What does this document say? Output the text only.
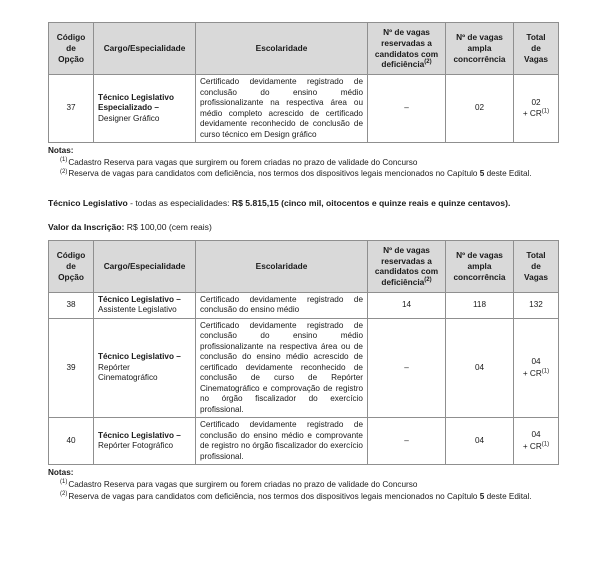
Código
de
Opção	Cargo/Especialidade	Escolaridade	Nº de vagas
reservadas a
candidatos com
deficiência$^{(2)}$	Nº de vagas
ampla
concorrência	Total
de
Vagas
37	Técnico Legislativo Especializado – Designer Gráfico	Certificado devidamente registrado de conclusão do ensino médio profissionalizante na respectiva área ou médio completo acrescido de certificado devidamente reconhecido de conclusão de curso técnico em Design gráfico	–	02	02
+ $CR^{(1)}$
Notas:
$^{(1)}$Cadastro Reserva para vagas que surgirem ou forem criadas no prazo de validade do Concurso
$^{(2)}$Reserva de vagas para candidatos com deficiência, nos termos dos dispositivos legais mencionados no Capítulo 5 deste Edital.

Técnico Legislativo - todas as especialidades: R$ 5.815,15 (cinco mil, oitocentos e quinze reais e quinze centavos).

Valor da Inscrição: R$ 100,00 (cem reais)

Código
de
Opção	Cargo/Especialidade	Escolaridade	Nº de vagas
reservadas a
candidatos com
deficiência$^{(2)}$	Nº de vagas
ampla
concorrência	Total
de
Vagas
38	Técnico Legislativo – Assistente Legislativo	Certificado devidamente registrado de conclusão do ensino médio	14	118	132
39	Técnico Legislativo – Repórter Cinematográfico	Certificado devidamente registrado de conclusão do ensino médio profissionalizante na respectiva área ou de conclusão do ensino médio acrescido de certificado devidamente reconhecido de conclusão de curso de Repórter Cinematográfico e comprovação de registro no órgão fiscalizador do exercício profissional.	–	04	04
+ $CR^{(1)}$

40	Técnico Legislativo – Repórter Fotográfico	Certificado devidamente registrado de conclusão do ensino médio e comprovante de registro no órgão fiscalizador do exercício profissional.	–	04	04
+ $CR^{(1)}$
Notas:
$^{(1)}$Cadastro Reserva para vagas que surgirem ou forem criadas no prazo de validade do Concurso
$^{(2)}$Reserva de vagas para candidatos com deficiência, nos termos dos dispositivos legais mencionados no Capítulo 5 deste Edital.
